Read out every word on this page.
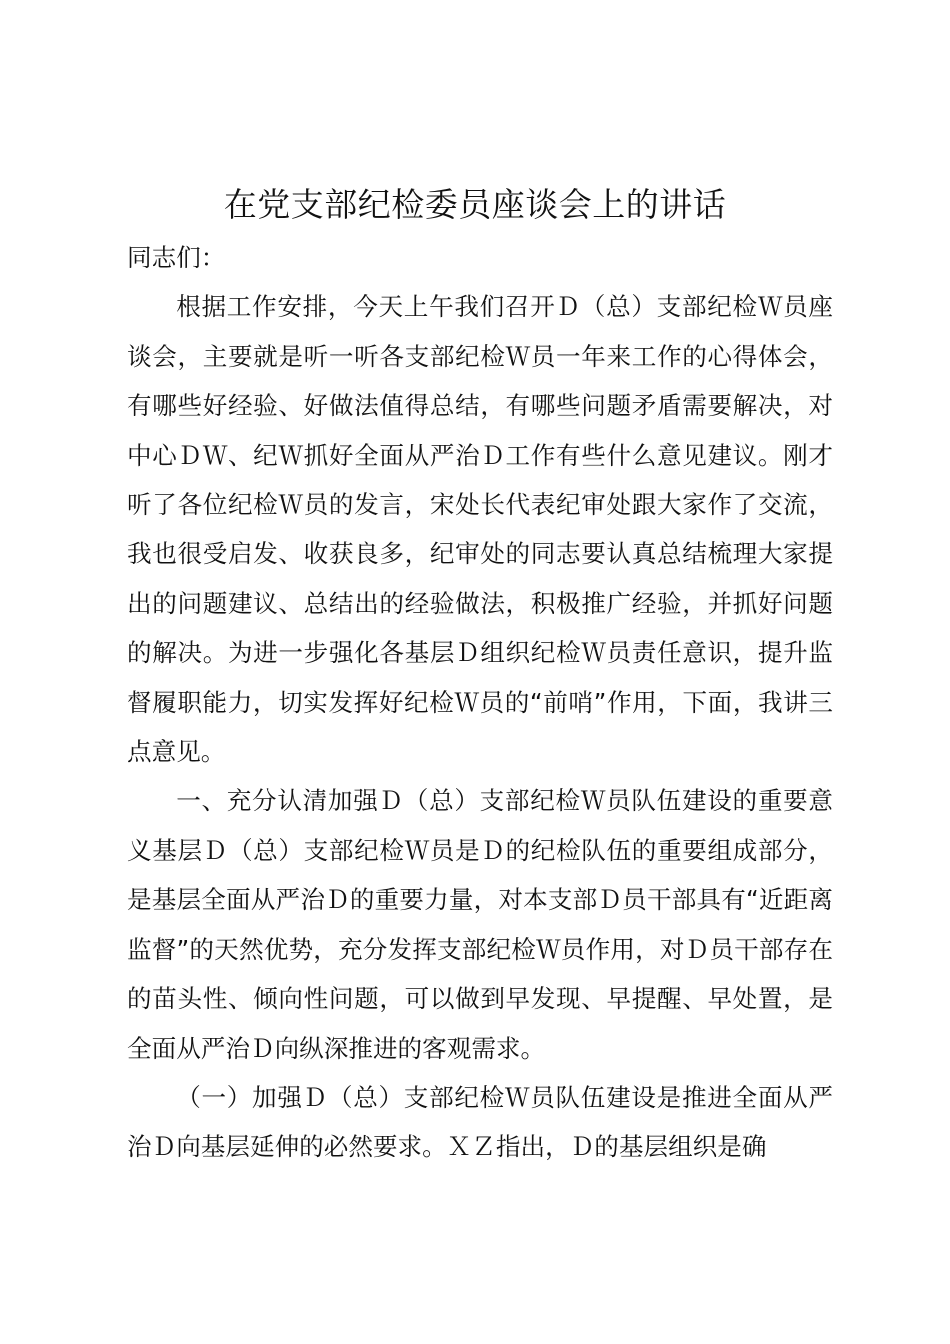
在党支部纪检委员座谈会上的讲话

同志们：

根据工作安排，今天上午我们召开Ｄ（总）支部纪检Ｗ员座谈会，主要就是听一听各支部纪检Ｗ员一年来工作的心得体会，有哪些好经验、好做法值得总结，有哪些问题矛盾需要解决，对中心ＤＷ、纪Ｗ抓好全面从严治Ｄ工作有些什么意见建议。刚才听了各位纪检Ｗ员的发言，宋处长代表纪审处跟大家作了交流，我也很受启发、收获良多，纪审处的同志要认真总结梳理大家提出的问题建议、总结出的经验做法，积极推广经验，并抓好问题的解决。为进一步强化各基层Ｄ组织纪检Ｗ员责任意识，提升监督履职能力，切实发挥好纪检Ｗ员的“前哨”作用，下面，我讲三点意见。

一、充分认清加强Ｄ（总）支部纪检Ｗ员队伍建设的重要意义基层Ｄ（总）支部纪检Ｗ员是Ｄ的纪检队伍的重要组成部分，是基层全面从严治Ｄ的重要力量，对本支部Ｄ员干部具有“近距离监督”的天然优势，充分发挥支部纪检Ｗ员作用，对Ｄ员干部存在的苗头性、倾向性问题，可以做到早发现、早提醒、早处置，是全面从严治Ｄ向纵深推进的客观需求。

（一）加强Ｄ（总）支部纪检Ｗ员队伍建设是推进全面从严治Ｄ向基层延伸的必然要求。ＸＺ指出，Ｄ的基层组织是确
